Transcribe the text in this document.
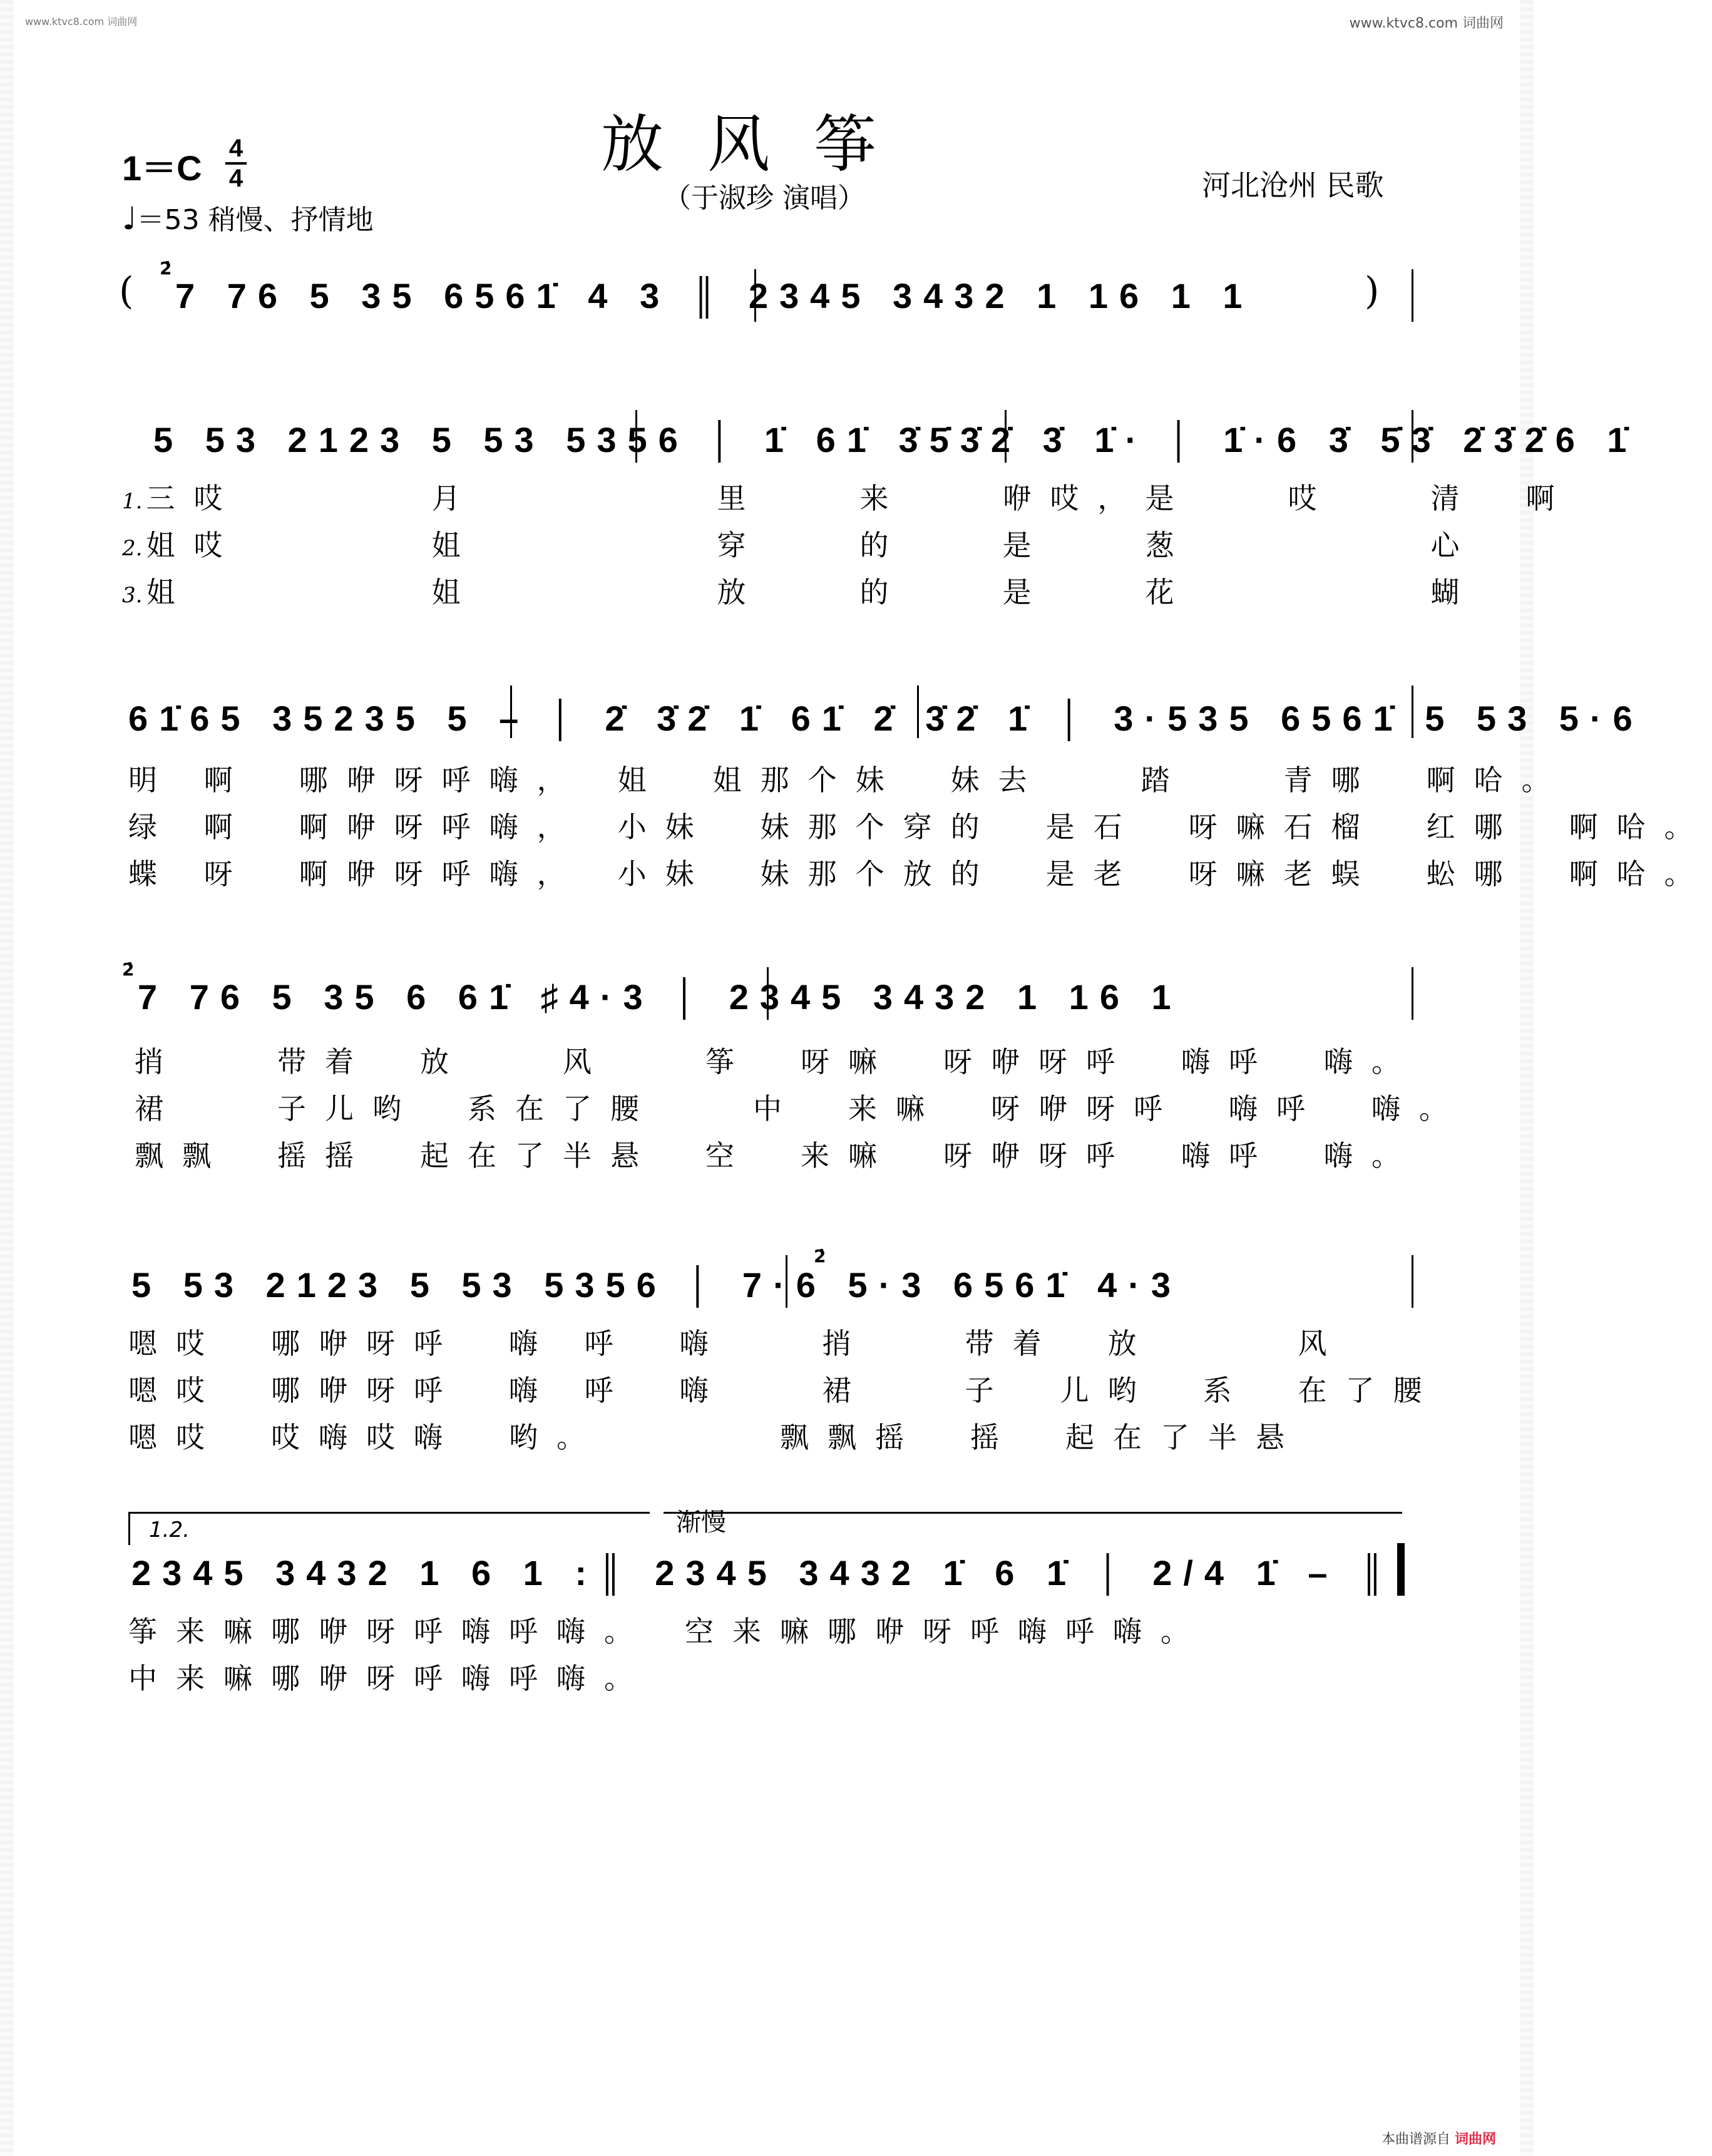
www.ktvc8.com 词曲网	www.ktvc8.com 词曲网
放风筝
（于淑珍 演唱）	河北沧州 民歌
1＝C 4
4
♩＝53 稍慢、抒情地
(
2̇
7 76 5 35 6561̇ 4 3 ║ 2345 3432 1 16 1 1	)
5 53 2123 5 53 5356 │ 1̇ 61̇ 3̇5̇3̇2̇ 3̇ 1̇· │ 1̇·6 3̇ 5̇3̇ 2̇3̇2̇6 1̇
1. 三哎　　　　月　　　　　里　　来　　咿哎，是　　哎　　清　啊
2. 姐哎　　　　姐　　　　　穿　　的　　是　　葱　　　　　心
3. 姐　　　　　姐　　　　　放　　的　　是　　花　　　　　蝴
61̇65 35235 5 – │ 2̇ 3̇2̇ 1̇ 61̇ 2̇ 3̇2̇ 1̇ │ 3·535 6561̇ 5 53 5·6
明 啊　哪咿呀呼嗨，　姐　姐那个妹　妹去　　踏　　青哪　啊哈。
绿 啊　啊咿呀呼嗨，　小妹　妹那个穿的　是石　呀嘛石榴　红哪　啊哈。
蝶 呀　啊咿呀呼嗨，　小妹　妹那个放的　是老　呀嘛老蜈　蚣哪　啊哈。
2̇
7 76 5 35 6 61̇ ♯4·3 │ 2345 3432 1 16 1
捎　　带着　放　　风　　筝　呀嘛　呀咿呀呼　嗨呼　嗨。
裙　　子儿哟　系在了腰　　中　来嘛　呀咿呀呼　嗨呼　嗨。
飘飘　摇摇　起在了半悬　空　来嘛　呀咿呀呼　嗨呼　嗨。
2̇
5 53 2123 5 53 5356 │ 7·6 5·3 6561̇ 4·3
嗯哎　哪咿呀呼　嗨 呼　嗨　　捎　　带着　放　　　风
嗯哎　哪咿呀呼　嗨 呼　嗨　　裙　　子　儿哟　系　在了腰
嗯哎　哎嗨哎嗨　哟。　　　　飘飘摇　摇　起在了半悬
1.2.	渐慢
2345 3432 1 6 1 :║ 2345 3432 1̇ 6 1̇ │ 2/4 1̇ – ║
筝来嘛哪咿呀呼嗨呼嗨。　空来嘛哪咿呀呼嗨呼嗨。
中来嘛哪咿呀呼嗨呼嗨。
本曲谱源自 词曲网
